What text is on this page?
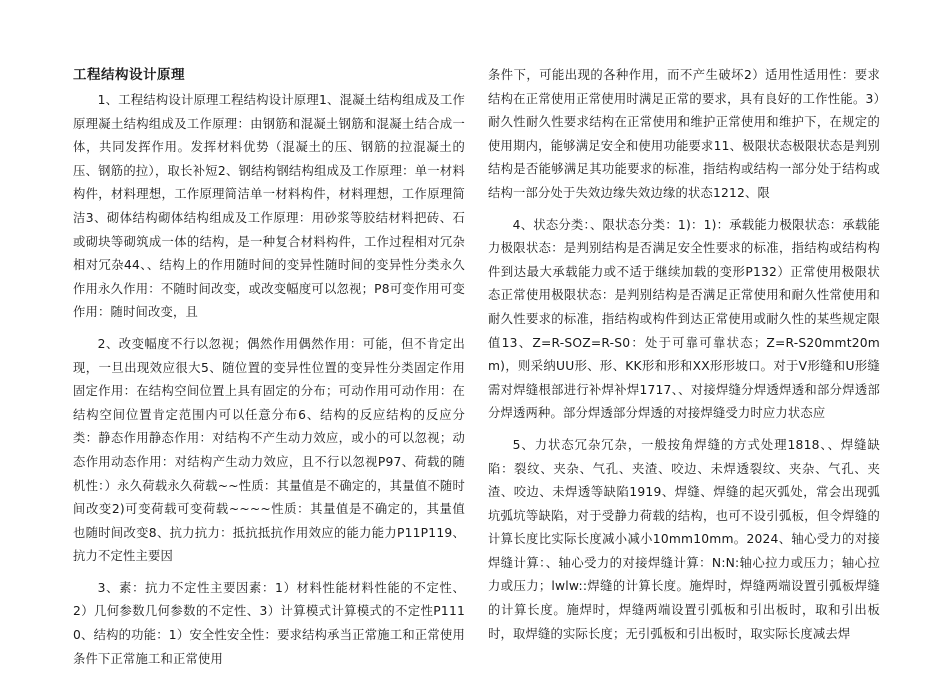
工程结构设计原理

1、工程结构设计原理工程结构设计原理1、混凝土结构组成及工作原理凝土结构组成及工作原理：由钢筋和混凝土钢筋和混凝土结合成一体，共同发挥作用。发挥材料优势（混凝土的压、钢筋的拉混凝土的压、钢筋的拉），取长补短2、钢结构钢结构组成及工作原理：单一材料构件，材料理想，工作原理简洁单一材料构件，材料理想，工作原理简洁3、砌体结构砌体结构组成及工作原理：用砂浆等胶结材料把砖、石或砌块等砌筑成一体的结构，是一种复合材料构件，工作过程相对冗杂相对冗杂44、、结构上的作用随时间的变异性随时间的变异性分类永久作用永久作用：不随时间改变，或改变幅度可以忽视；P8可变作用可变作用：随时间改变，且

2、改变幅度不行以忽视；偶然作用偶然作用：可能，但不肯定出现，一旦出现效应很大5、随位置的变异性位置的变异性分类固定作用固定作用：在结构空间位置上具有固定的分布；可动作用可动作用：在结构空间位置肯定范围内可以任意分布6、结构的反应结构的反应分类：静态作用静态作用：对结构不产生动力效应，或小的可以忽视；动态作用动态作用：对结构产生动力效应，且不行以忽视P97、荷载的随机性：）永久荷载永久荷载~~性质：其量值是不确定的，其量值不随时间改变2)可变荷载可变荷载~~~~性质：其量值是不确定的，其量值也随时间改变8、抗力抗力：抵抗抵抗作用效应的能力能力P11P119、抗力不定性主要因

3、素：抗力不定性主要因素：1）材料性能材料性能的不定性、2）几何参数几何参数的不定性、3）计算模式计算模式的不定性P1110、结构的功能：1）安全性安全性：要求结构承当正常施工和正常使用条件下正常施工和正常使用

条件下，可能出现的各种作用，而不产生破坏2）适用性适用性：要求结构在正常使用正常使用时满足正常的要求，具有良好的工作性能。3）耐久性耐久性要求结构在正常使用和维护正常使用和维护下，在规定的使用期内，能够满足安全和使用功能要求11、极限状态极限状态是判别结构是否能够满足其功能要求的标准，指结构或结构一部分处于结构或结构一部分处于失效边缘失效边缘的状态1212、限

4、状态分类：、限状态分类：1)：1)：承载能力极限状态：承载能力极限状态：是判别结构是否满足安全性要求的标准，指结构或结构构件到达最大承载能力或不适于继续加载的变形P132）正常使用极限状态正常使用极限状态：是判别结构是否满足正常使用和耐久性常使用和耐久性要求的标准，指结构或构件到达正常使用或耐久性的某些规定限值13、Z=R-SOZ=R-S0：处于可靠可靠状态；Z=R-S20mmt20mm)，则采纳UU形、形、KK形和形和XX形形坡口。对于V形缝和U形缝需对焊缝根部进行补焊补焊1717、、对接焊缝分焊透焊透和部分焊透部分焊透两种。部分焊透部分焊透的对接焊缝受力时应力状态应

5、力状态冗杂冗杂，一般按角焊缝的方式处理1818、、焊缝缺陷：裂纹、夹杂、气孔、夹渣、咬边、未焊透裂纹、夹杂、气孔、夹渣、咬边、未焊透等缺陷1919、焊缝、焊缝的起灭弧处，常会出现弧坑弧坑等缺陷，对于受静力荷载的结构，也可不设引弧板，但令焊缝的计算长度比实际长度减小减小10mm10mm。2024、轴心受力的对接焊缝计算：、轴心受力的对接焊缝计算：N:N:轴心拉力或压力；轴心拉力或压力；lwlw::焊缝的计算长度。施焊时，焊缝两端设置引弧板焊缝的计算长度。施焊时，焊缝两端设置引弧板和引出板时，取和引出板时，取焊缝的实际长度；无引弧板和引出板时，取实际长度减去焊
